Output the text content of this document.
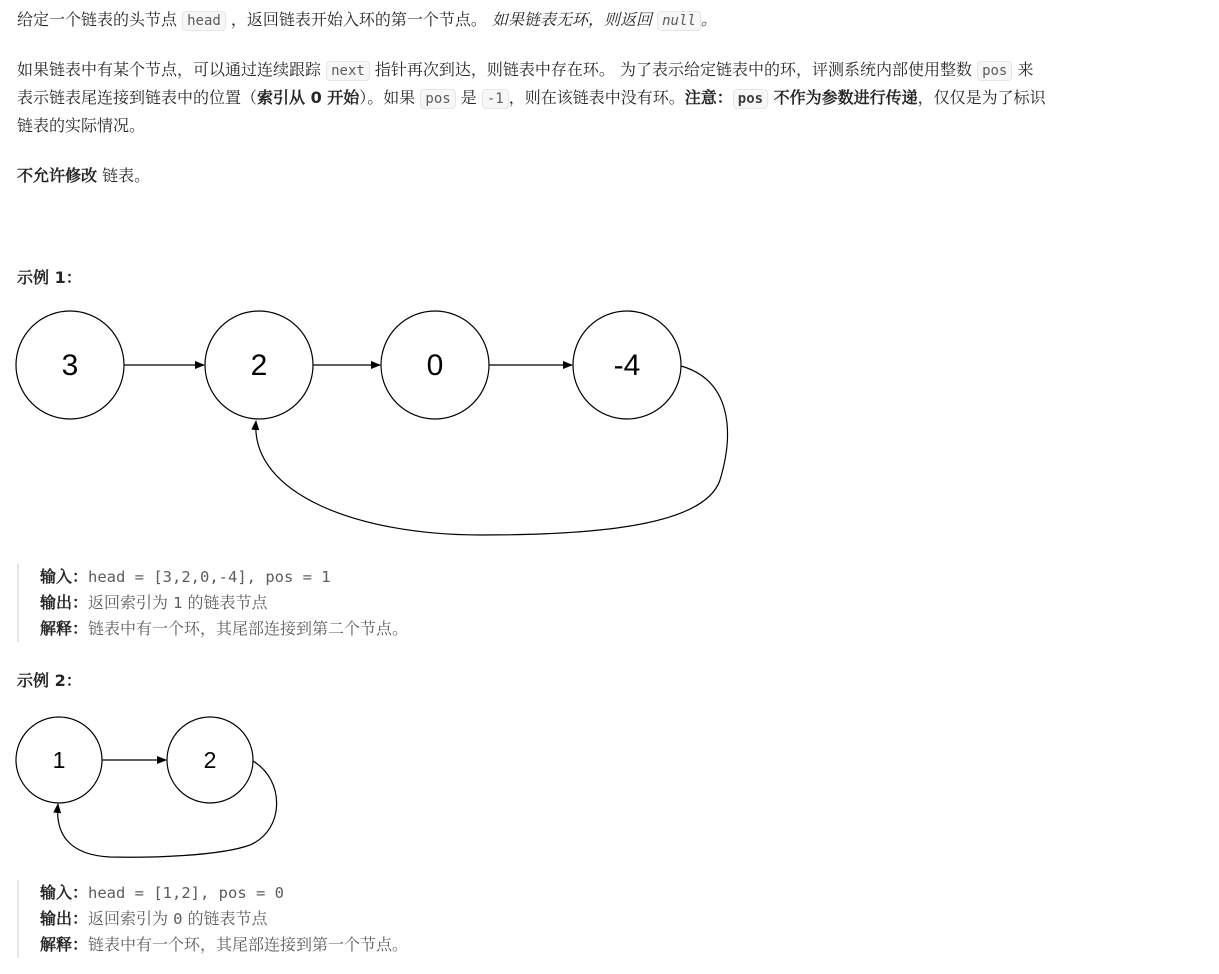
给定一个链表的头节点 head ，返回链表开始入环的第一个节点。 如果链表无环，则返回 null 。

如果链表中有某个节点，可以通过连续跟踪 next 指针再次到达，则链表中存在环。 为了表示给定链表中的环，评测系统内部使用整数 pos 来

表示链表尾连接到链表中的位置（索引从 0 开始）。如果 pos 是 -1 ，则在该链表中没有环。注意： pos 不作为参数进行传递，仅仅是为了标识

链表的实际情况。

不允许修改 链表。

示例 1：
3	2	0	-4
输入：head = [3,2,0,-4], pos = 1
输出：返回索引为 1 的链表节点
解释：链表中有一个环，其尾部连接到第二个节点。
示例 2：
1	2
输入：head = [1,2], pos = 0
输出：返回索引为 0 的链表节点
解释：链表中有一个环，其尾部连接到第一个节点。
